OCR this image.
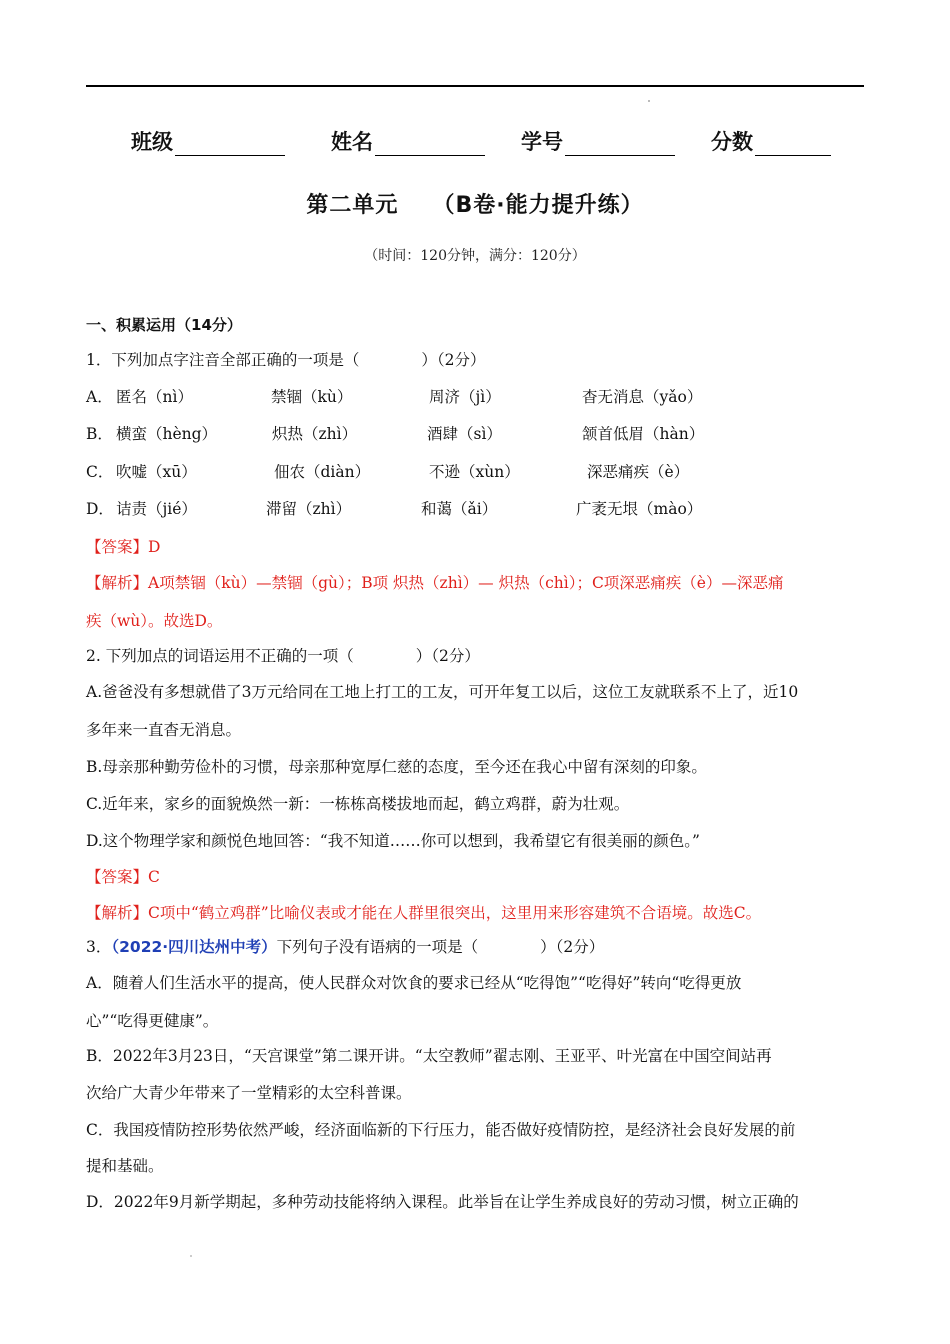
班级	姓名	学号	分数
第二单元 （B卷·能力提升练）
（时间：120分钟，满分：120分）
一、积累运用（14分）
1．下列加点字注音全部正确的一项是（　　　　）（2分）
A． 匿名（nì）	禁锢（kù）	周济（jì）	杳无消息（yǎo）
B． 横蛮（hèng）	炽热（zhì）	酒肆（sì）	颔首低眉（hàn）
C． 吹嘘（xū）	佃农（diàn）	不逊（xùn）	深恶痛疾（è）
D． 诘责（jié）	滞留（zhì）	和蔼（ǎi）	广袤无垠（mào）
【答案】D
【解析】A项禁锢（kù）—禁锢（gù）；B项 炽热（zhì）— 炽热（chì）；C项深恶痛疾（è）—深恶痛
疾（wù）。故选D。
2. 下列加点的词语运用不正确的一项（　　　　）（2分）
A.爸爸没有多想就借了3万元给同在工地上打工的工友，可开年复工以后，这位工友就联系不上了，近10
多年来一直杳无消息。
B.母亲那种勤劳俭朴的习惯，母亲那种宽厚仁慈的态度，至今还在我心中留有深刻的印象。
C.近年来，家乡的面貌焕然一新：一栋栋高楼拔地而起，鹤立鸡群，蔚为壮观。
D.这个物理学家和颜悦色地回答：“我不知道……你可以想到，我希望它有很美丽的颜色。”
【答案】C
【解析】C项中“鹤立鸡群”比喻仪表或才能在人群里很突出，这里用来形容建筑不合语境。故选C。
3．（2022·四川达州中考）下列句子没有语病的一项是（　　　　）（2分）
A．随着人们生活水平的提高，使人民群众对饮食的要求已经从“吃得饱”“吃得好”转向“吃得更放
心”“吃得更健康”。
B．2022年3月23日，“天宫课堂”第二课开讲。“太空教师”翟志刚、王亚平、叶光富在中国空间站再
次给广大青少年带来了一堂精彩的太空科普课。
C．我国疫情防控形势依然严峻，经济面临新的下行压力，能否做好疫情防控，是经济社会良好发展的前
提和基础。
D．2022年9月新学期起，多种劳动技能将纳入课程。此举旨在让学生养成良好的劳动习惯，树立正确的
